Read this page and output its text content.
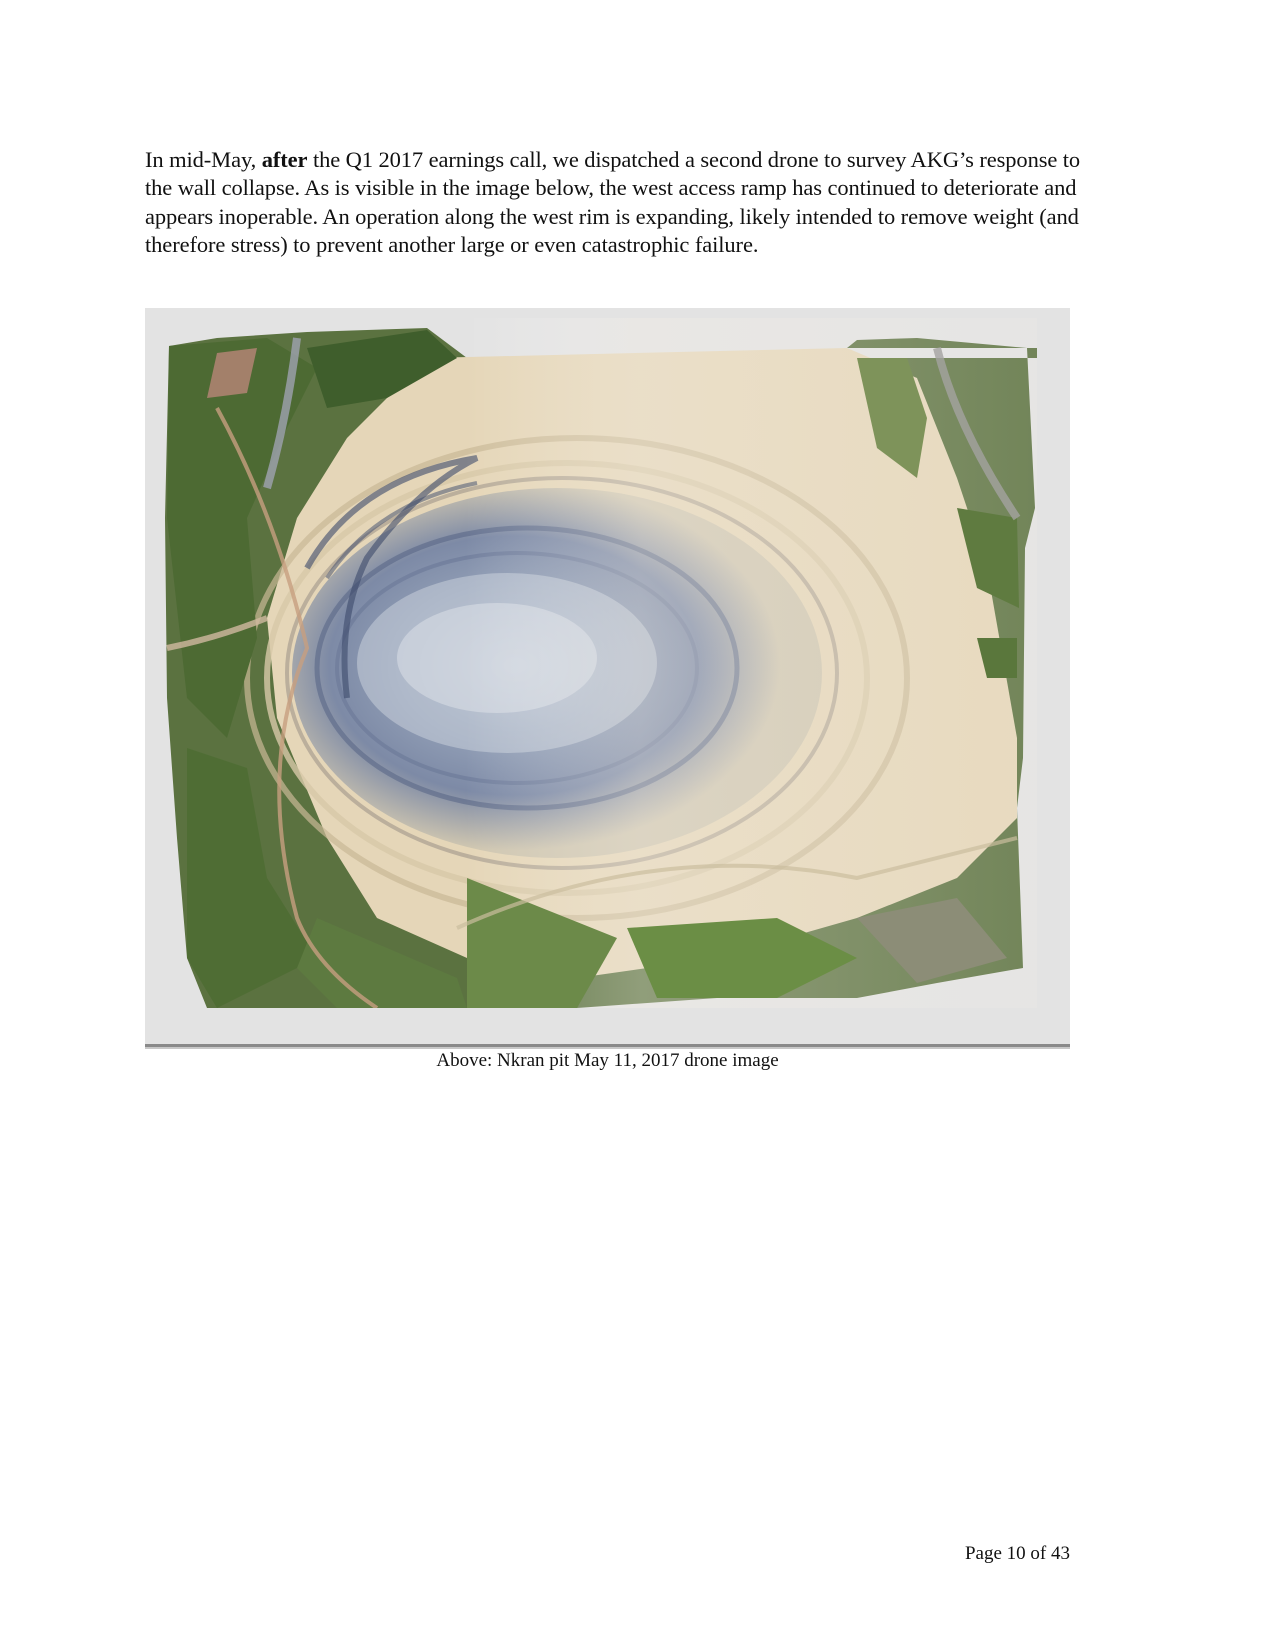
In mid-May, after the Q1 2017 earnings call, we dispatched a second drone to survey AKG’s response to the wall collapse. As is visible in the image below, the west access ramp has continued to deteriorate and appears inoperable. An operation along the west rim is expanding, likely intended to remove weight (and therefore stress) to prevent another large or even catastrophic failure.
Above: Nkran pit May 11, 2017 drone image
Page 10 of 43
